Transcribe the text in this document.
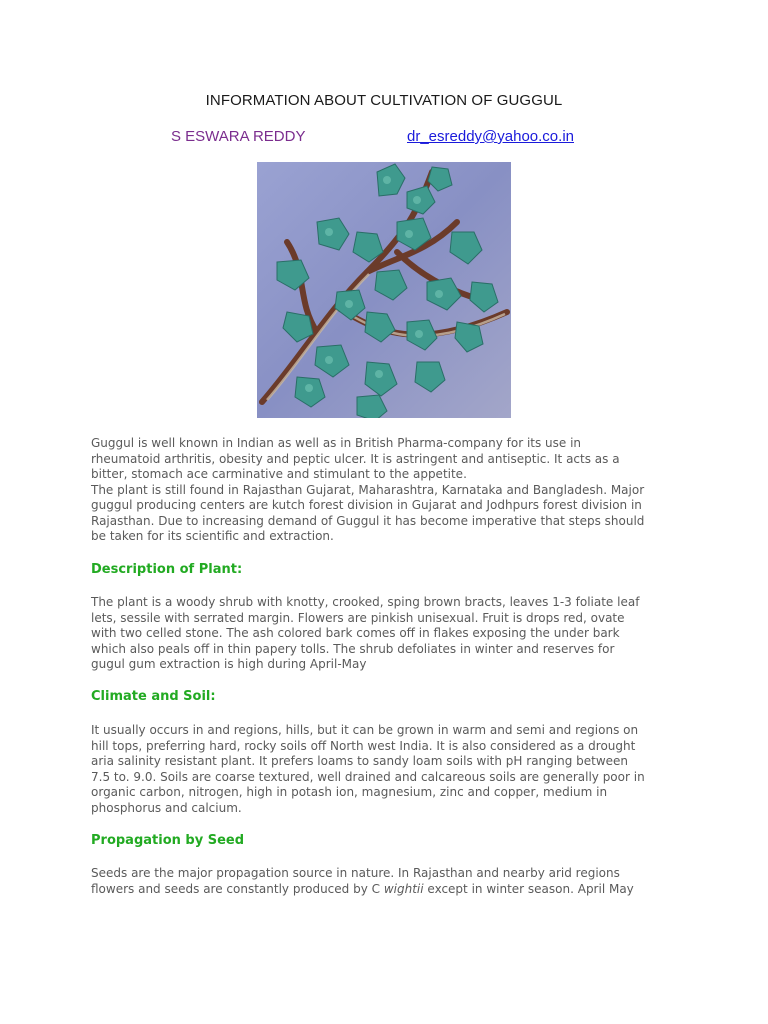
INFORMATION ABOUT CULTIVATION OF GUGGUL
S ESWARA REDDY	dr_esreddy@yahoo.co.in
Guggul is well known in Indian as well as in British Pharma-company for its use in
rheumatoid arthritis, obesity and peptic ulcer. It is astringent and antiseptic. It acts as a
bitter, stomach ace carminative and stimulant to the appetite.
The plant is still found in Rajasthan Gujarat, Maharashtra, Karnataka and Bangladesh. Major
guggul producing centers are kutch forest division in Gujarat and Jodhpurs forest division in
Rajasthan. Due to increasing demand of Guggul it has become imperative that steps should
be taken for its scientific and extraction.
Description of Plant:
The plant is a woody shrub with knotty, crooked, sping brown bracts, leaves 1-3 foliate leaf
lets, sessile with serrated margin. Flowers are pinkish unisexual. Fruit is drops red, ovate
with two celled stone. The ash colored bark comes off in flakes exposing the under bark
which also peals off in thin papery tolls. The shrub defoliates in winter and reserves for
gugul gum extraction is high during April-May
Climate and Soil:
It usually occurs in and regions, hills, but it can be grown in warm and semi and regions on
hill tops, preferring hard, rocky soils off North west India. It is also considered as a drought
aria salinity resistant plant. It prefers loams to sandy loam soils with pH ranging between
7.5 to. 9.0. Soils are coarse textured, well drained and calcareous soils are generally poor in
organic carbon, nitrogen, high in potash ion, magnesium, zinc and copper, medium in
phosphorus and calcium.
Propagation by Seed
Seeds are the major propagation source in nature. In Rajasthan and nearby arid regions
flowers and seeds are constantly produced by C wightii except in winter season. April May
